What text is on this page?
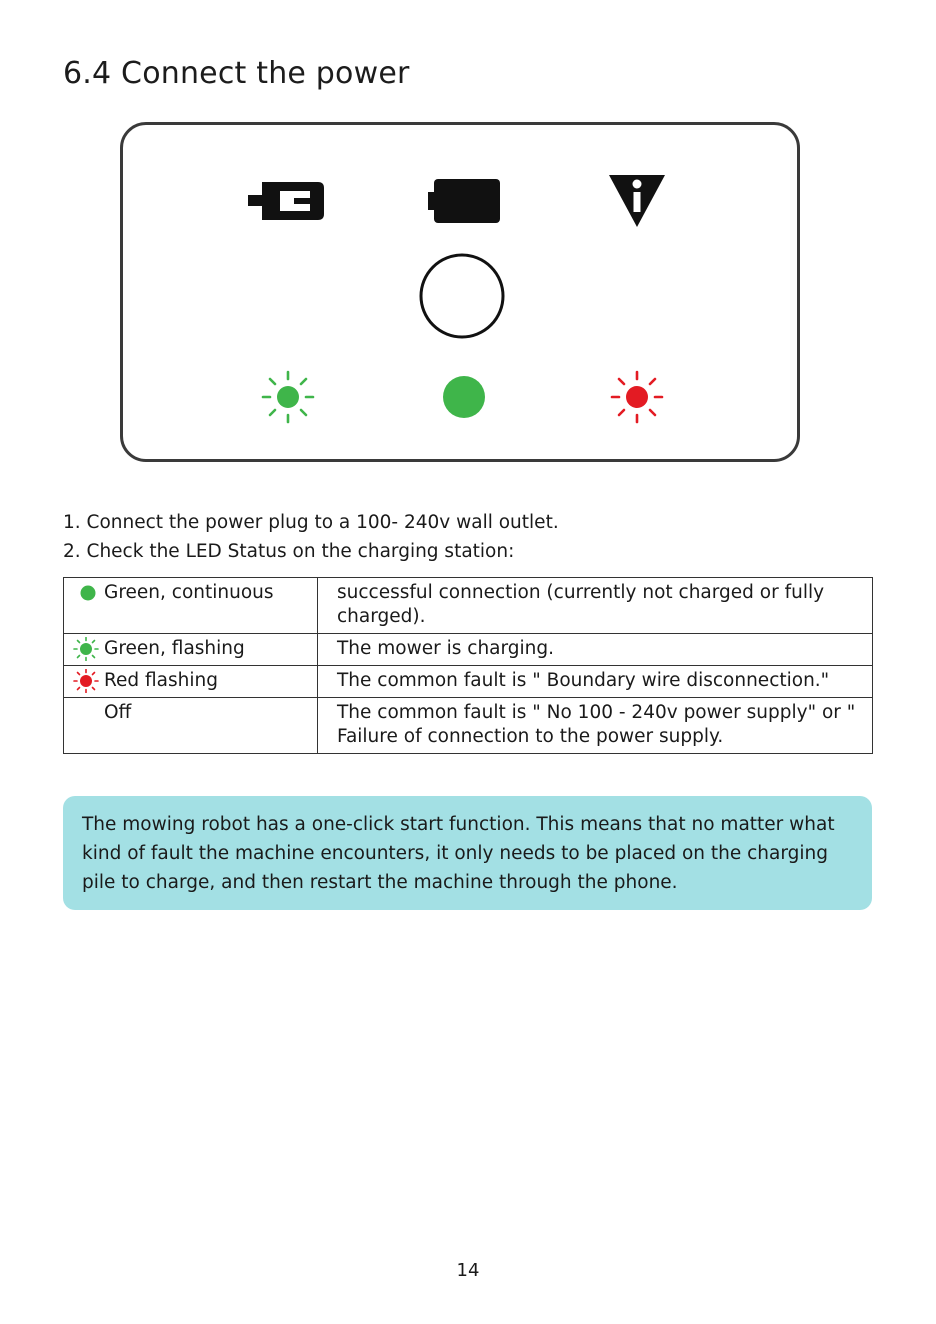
6.4 Connect the power
1. Connect the power plug to a 100- 240v wall outlet.
2. Check the LED Status on the charging station:
Green, continuous	successful connection (currently not charged or fully charged).

Green, flashing	The mower is charging.

Red flashing	The common fault is " Boundary wire disconnection."

Off	The common fault is " No 100 - 240v power supply" or " Failure of connection to the power supply.
The mowing robot has a one-click start function. This means that no matter what kind of fault the machine encounters, it only needs to be placed on the charging pile to charge, and then restart the machine through the phone.
14
